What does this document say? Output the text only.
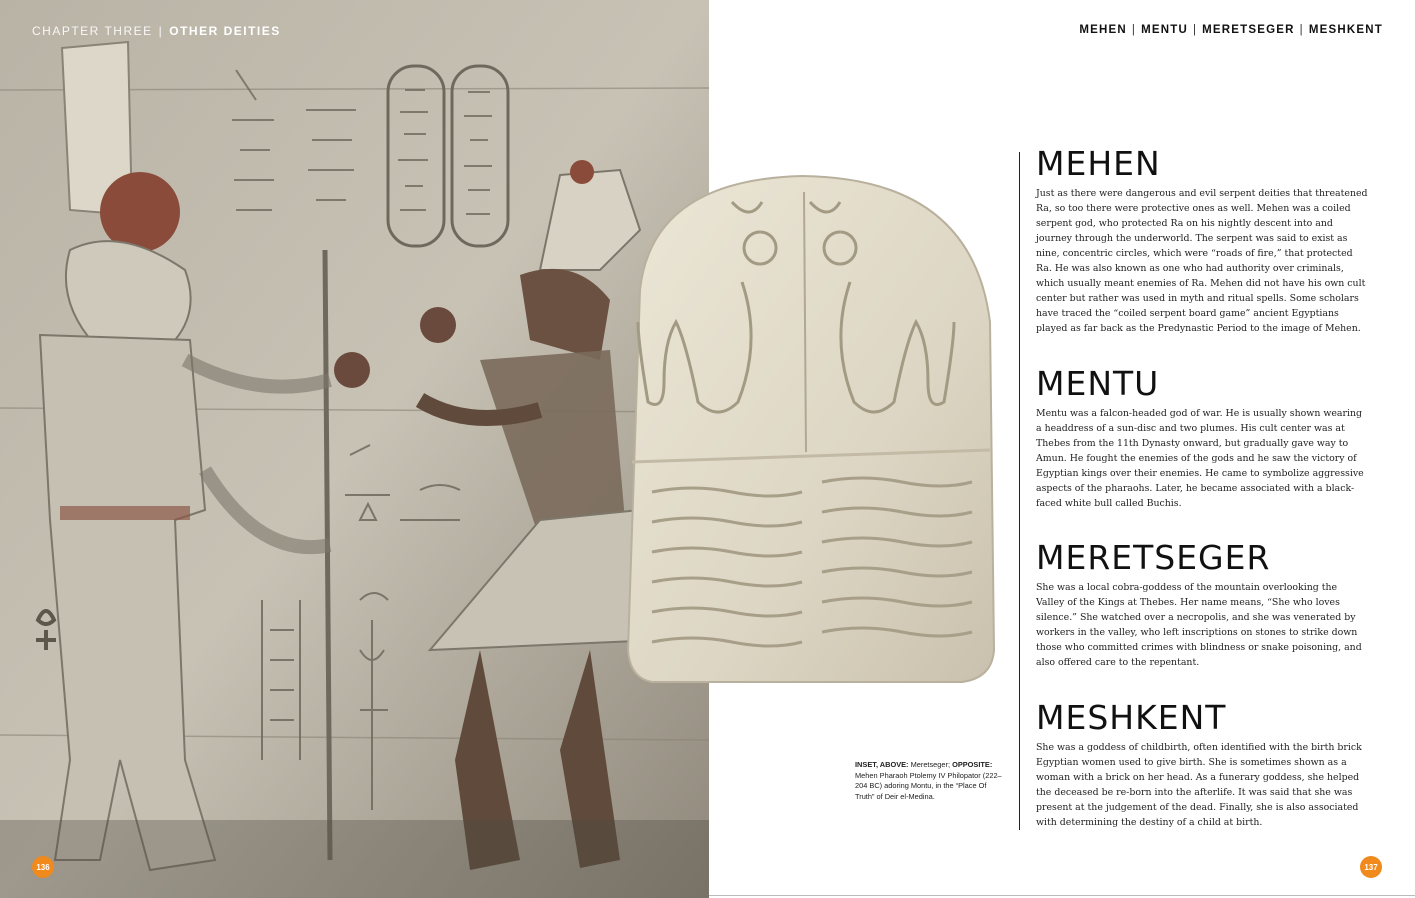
CHAPTER THREE | OTHER DEITIES
136
MEHEN | MENTU | MERETSEGER | MESHKENT
MEHEN

Just as there were dangerous and evil serpent deities that threatened Ra, so too there were protective ones as well. Mehen was a coiled serpent god, who protected Ra on his nightly descent into and journey through the underworld. The serpent was said to exist as nine, concentric circles, which were “roads of fire,” that protected Ra. He was also known as one who had authority over criminals, which usually meant enemies of Ra. Mehen did not have his own cult center but rather was used in myth and ritual spells. Some scholars have traced the “coiled serpent board game” ancient Egyptians played as far back as the Predynastic Period to the image of Mehen.

MENTU

Mentu was a falcon-headed god of war. He is usually shown wearing a headdress of a sun-disc and two plumes. His cult center was at Thebes from the 11th Dynasty onward, but gradually gave way to Amun. He fought the enemies of the gods and he saw the victory of Egyptian kings over their enemies. He came to symbolize aggressive aspects of the pharaohs. Later, he became associated with a black-faced white bull called Buchis.

MERETSEGER

She was a local cobra-goddess of the mountain overlooking the Valley of the Kings at Thebes. Her name means, “She who loves silence.” She watched over a necropolis, and she was venerated by workers in the valley, who left inscriptions on stones to strike down those who committed crimes with blindness or snake poisoning, and also offered care to the repentant.

MESHKENT

She was a goddess of childbirth, often identified with the birth brick Egyptian women used to give birth. She is sometimes shown as a woman with a brick on her head. As a funerary goddess, she helped the deceased be re-born into the afterlife. It was said that she was present at the judgement of the dead. Finally, she is also associated with determining the destiny of a child at birth.

INSET, ABOVE: Meretseger; OPPOSITE: Mehen Pharaoh Ptolemy IV Philopator (222–204 BC) adoring Montu, in the “Place Of Truth” of Deir el-Medina.
137
